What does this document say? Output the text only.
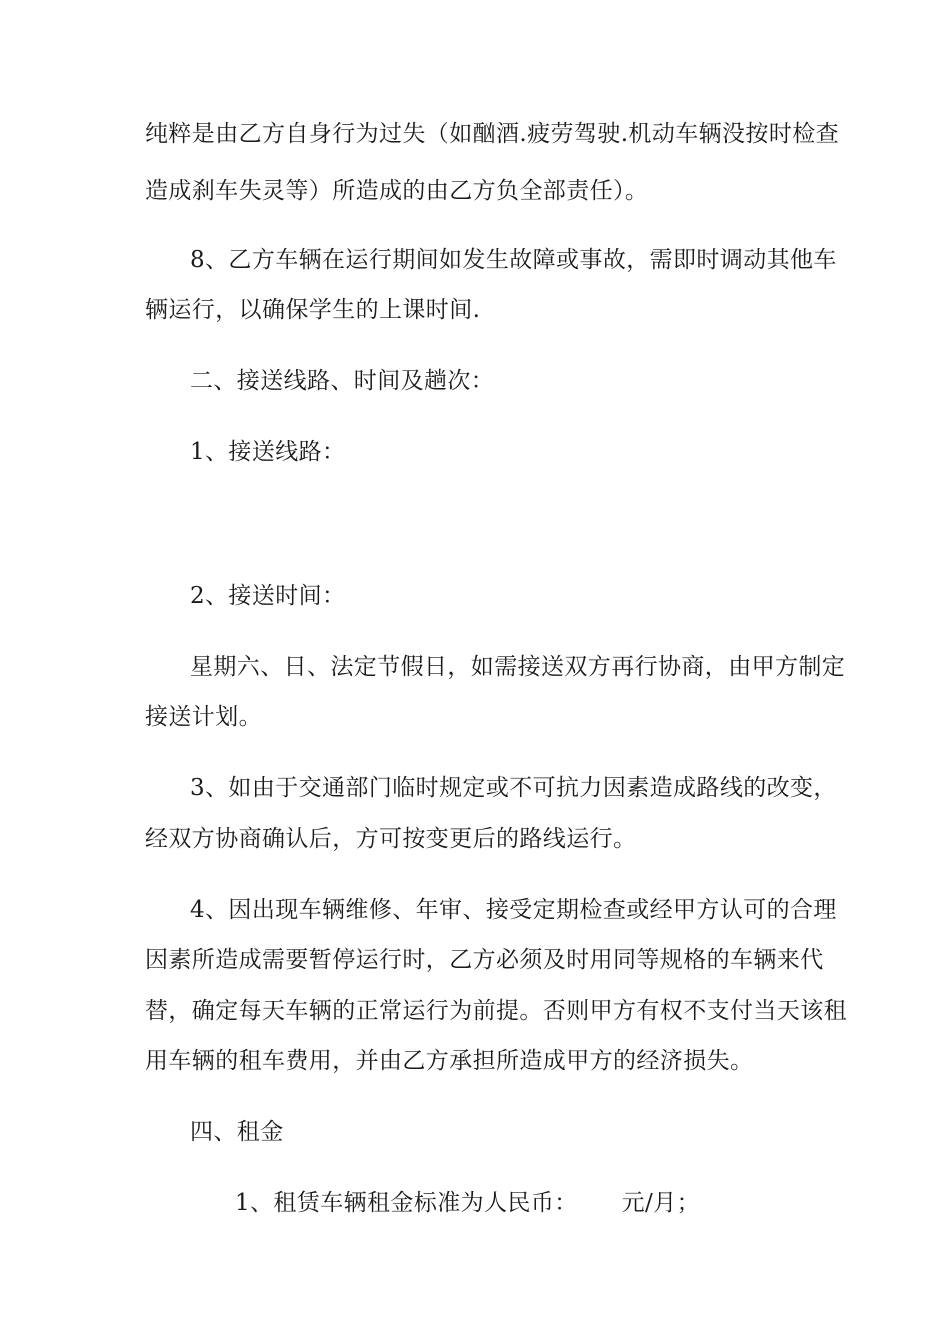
纯粹是由乙方自身行为过失（如酗酒.疲劳驾驶.机动车辆没按时检查
造成刹车失灵等）所造成的由乙方负全部责任）。
8、乙方车辆在运行期间如发生故障或事故，需即时调动其他车
辆运行，以确保学生的上课时间.
二、接送线路、时间及趟次：
1、接送线路：
2、接送时间：
星期六、日、法定节假日，如需接送双方再行协商，由甲方制定
接送计划。
3、如由于交通部门临时规定或不可抗力因素造成路线的改变，
经双方协商确认后，方可按变更后的路线运行。
4、因出现车辆维修、年审、接受定期检查或经甲方认可的合理
因素所造成需要暂停运行时，乙方必须及时用同等规格的车辆来代
替，确定每天车辆的正常运行为前提。否则甲方有权不支付当天该租
用车辆的租车费用，并由乙方承担所造成甲方的经济损失。
四、租金
1、租赁车辆租金标准为人民币： 元/月；
